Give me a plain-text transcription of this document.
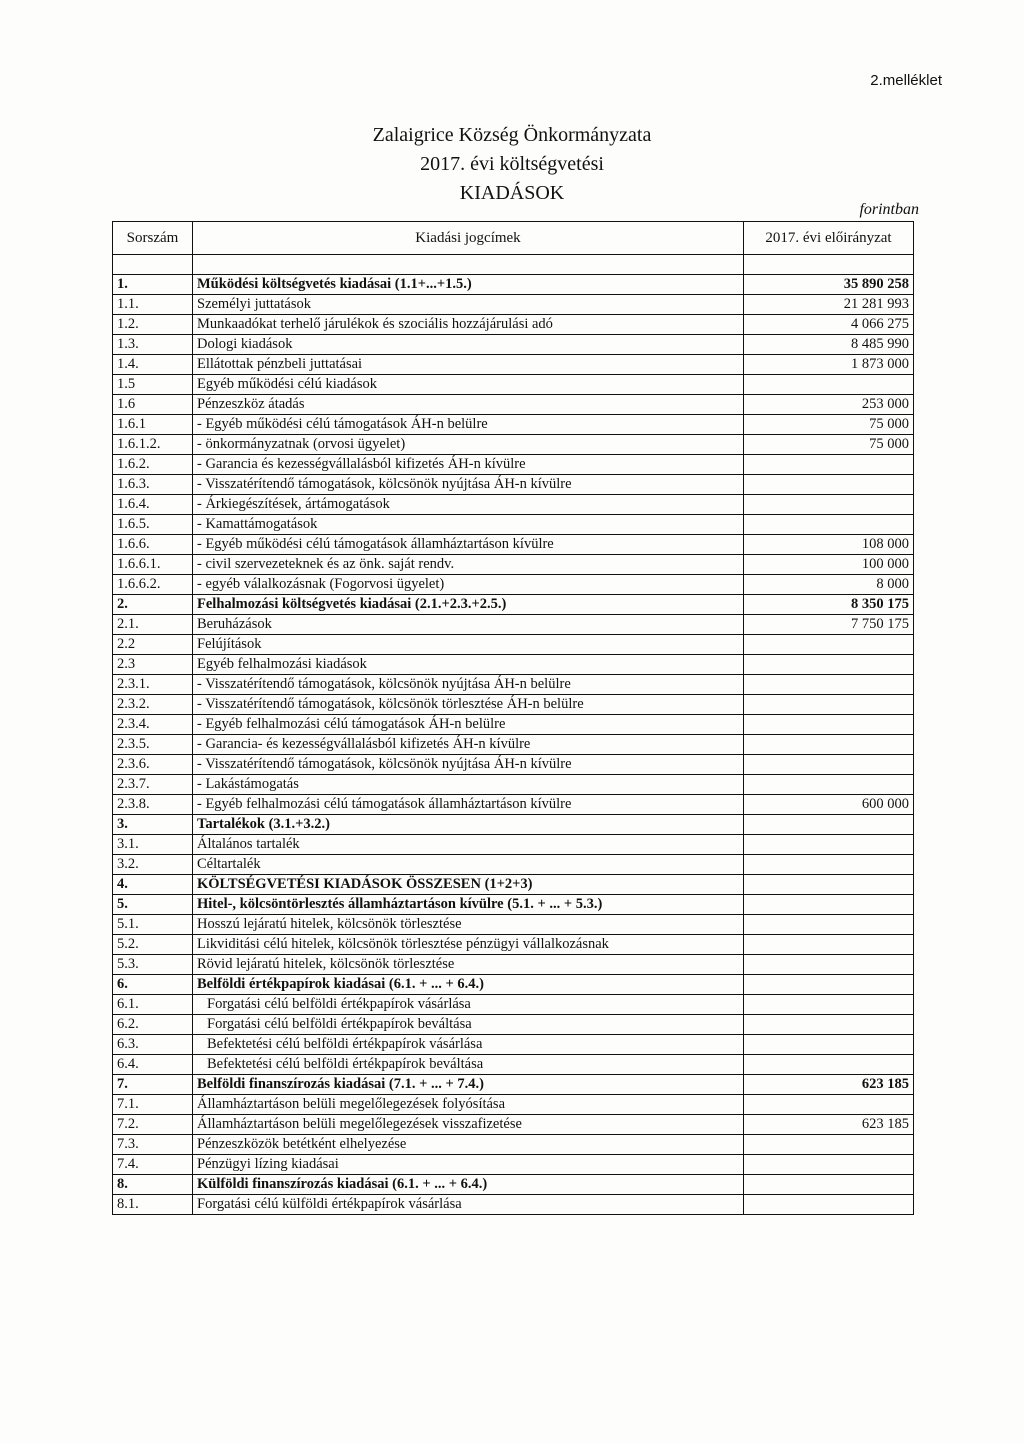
2.melléklet
Zalaigrice Község Önkormányzata
2017. évi költségvetési
KIADÁSOK
forintban
Sorszám	Kiadási jogcímek	2017. évi előirányzat

1.	Működési költségvetés kiadásai (1.1+...+1.5.)	35 890 258
1.1.	Személyi juttatások	21 281 993
1.2.	Munkaadókat terhelő járulékok és szociális hozzájárulási adó	4 066 275
1.3.	Dologi kiadások	8 485 990
1.4.	Ellátottak pénzbeli juttatásai	1 873 000
1.5	Egyéb működési célú kiadások	
1.6	Pénzeszköz átadás	253 000
1.6.1	- Egyéb működési célú támogatások ÁH-n belülre	75 000
1.6.1.2.	- önkormányzatnak (orvosi ügyelet)	75 000
1.6.2.	- Garancia és kezességvállalásból kifizetés ÁH-n kívülre	
1.6.3.	- Visszatérítendő támogatások, kölcsönök nyújtása ÁH-n kívülre	
1.6.4.	- Árkiegészítések, ártámogatások	
1.6.5.	- Kamattámogatások	
1.6.6.	- Egyéb működési célú támogatások államháztartáson kívülre	108 000
1.6.6.1.	- civil szervezeteknek és az önk. saját rendv.	100 000
1.6.6.2.	- egyéb válalkozásnak (Fogorvosi ügyelet)	8 000
2.	Felhalmozási költségvetés kiadásai (2.1.+2.3.+2.5.)	8 350 175
2.1.	Beruházások	7 750 175
2.2	Felújítások	
2.3	Egyéb felhalmozási kiadások	
2.3.1.	- Visszatérítendő támogatások, kölcsönök nyújtása ÁH-n belülre	
2.3.2.	- Visszatérítendő támogatások, kölcsönök törlesztése ÁH-n belülre	
2.3.4.	- Egyéb felhalmozási célú támogatások ÁH-n belülre	
2.3.5.	- Garancia- és kezességvállalásból kifizetés ÁH-n kívülre	
2.3.6.	- Visszatérítendő támogatások, kölcsönök nyújtása ÁH-n kívülre	
2.3.7.	- Lakástámogatás	
2.3.8.	- Egyéb felhalmozási célú támogatások államháztartáson kívülre	600 000
3.	Tartalékok (3.1.+3.2.)	
3.1.	Általános tartalék	
3.2.	Céltartalék	
4.	KÖLTSÉGVETÉSI KIADÁSOK ÖSSZESEN (1+2+3)	
5.	Hitel-, kölcsöntörlesztés államháztartáson kívülre (5.1. + ... + 5.3.)	
5.1.	Hosszú lejáratú hitelek, kölcsönök törlesztése	
5.2.	Likviditási célú hitelek, kölcsönök törlesztése pénzügyi vállalkozásnak	
5.3.	Rövid lejáratú hitelek, kölcsönök törlesztése	
6.	Belföldi értékpapírok kiadásai (6.1. + ... + 6.4.)	
6.1.	Forgatási célú belföldi értékpapírok vásárlása	
6.2.	Forgatási célú belföldi értékpapírok beváltása	
6.3.	Befektetési célú belföldi értékpapírok vásárlása	
6.4.	Befektetési célú belföldi értékpapírok beváltása	
7.	Belföldi finanszírozás kiadásai (7.1. + ... + 7.4.)	623 185
7.1.	Államháztartáson belüli megelőlegezések folyósítása	
7.2.	Államháztartáson belüli megelőlegezések visszafizetése	623 185
7.3.	Pénzeszközök betétként elhelyezése	
7.4.	Pénzügyi lízing kiadásai	
8.	Külföldi finanszírozás kiadásai (6.1. + ... + 6.4.)	
8.1.	Forgatási célú külföldi értékpapírok vásárlása	
